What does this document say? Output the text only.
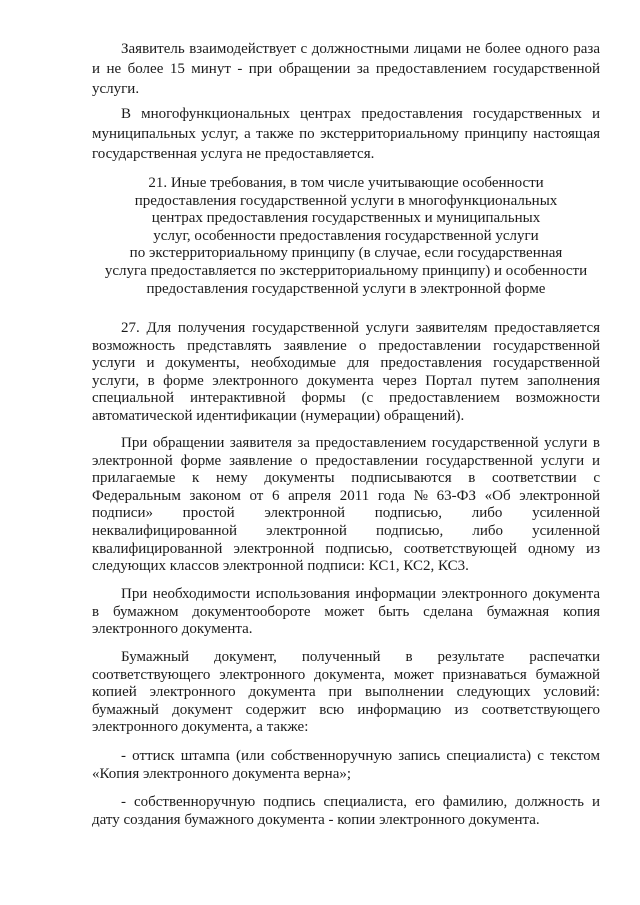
Заявитель взаимодействует с должностными лицами не более одного раза
и не более 15 минут - при обращении за предоставлением государственной
услуги.
В многофункциональных центрах предоставления государственных и
муниципальных услуг, а также по экстерриториальному принципу настоящая
государственная услуга не предоставляется.
21. Иные требования, в том числе учитывающие особенности
предоставления государственной услуги в многофункциональных
центрах предоставления государственных и муниципальных
услуг, особенности предоставления государственной услуги
по экстерриториальному принципу (в случае, если государственная
услуга предоставляется по экстерриториальному принципу) и особенности
предоставления государственной услуги в электронной форме
27. Для получения государственной услуги заявителям предоставляется
возможность представлять заявление о предоставлении государственной
услуги и документы, необходимые для предоставления государственной
услуги, в форме электронного документа через Портал путем заполнения
специальной интерактивной формы (с предоставлением возможности
автоматической идентификации (нумерации) обращений).
При обращении заявителя за предоставлением государственной услуги в
электронной форме заявление о предоставлении государственной услуги и
прилагаемые к нему документы подписываются в соответствии с
Федеральным законом от 6 апреля 2011 года № 63-ФЗ «Об электронной
подписи» простой электронной подписью, либо усиленной
неквалифицированной электронной подписью, либо усиленной
квалифицированной электронной подписью, соответствующей одному из
следующих классов электронной подписи: КС1, КС2, КС3.
При необходимости использования информации электронного документа
в бумажном документообороте может быть сделана бумажная копия
электронного документа.
Бумажный документ, полученный в результате распечатки
соответствующего электронного документа, может признаваться бумажной
копией электронного документа при выполнении следующих условий:
бумажный документ содержит всю информацию из соответствующего
электронного документа, а также:
- оттиск штампа (или собственноручную запись специалиста) с текстом
«Копия электронного документа верна»;
- собственноручную подпись специалиста, его фамилию, должность и
дату создания бумажного документа - копии электронного документа.
